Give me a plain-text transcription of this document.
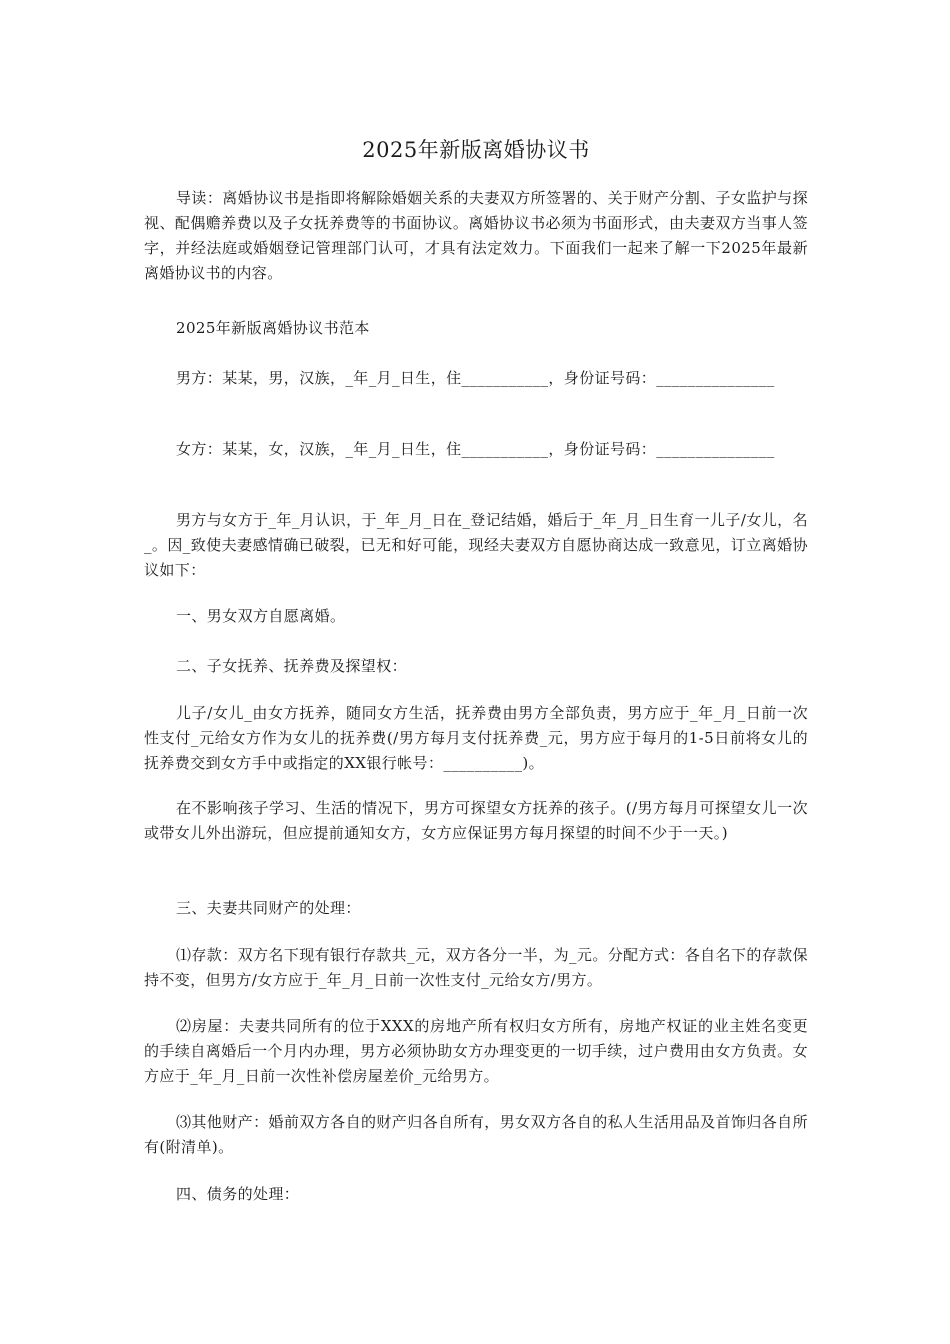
2025年新版离婚协议书

导读：离婚协议书是指即将解除婚姻关系的夫妻双方所签署的、关于财产分割、子女监护与探视、配偶赡养费以及子女抚养费等的书面协议。离婚协议书必须为书面形式，由夫妻双方当事人签字，并经法庭或婚姻登记管理部门认可，才具有法定效力。下面我们一起来了解一下2025年最新离婚协议书的内容。

2025年新版离婚协议书范本

男方：某某，男，汉族，_年_月_日生，住___________，身份证号码：_______________

女方：某某，女，汉族，_年_月_日生，住___________，身份证号码：_______________

男方与女方于_年_月认识，于_年_月_日在_登记结婚，婚后于_年_月_日生育一儿子/女儿，名_。因_致使夫妻感情确已破裂，已无和好可能，现经夫妻双方自愿协商达成一致意见，订立离婚协议如下：

一、男女双方自愿离婚。

二、子女抚养、抚养费及探望权：

儿子/女儿_由女方抚养，随同女方生活，抚养费由男方全部负责，男方应于_年_月_日前一次性支付_元给女方作为女儿的抚养费(/男方每月支付抚养费_元，男方应于每月的1-5日前将女儿的抚养费交到女方手中或指定的XX银行帐号：__________)。

在不影响孩子学习、生活的情况下，男方可探望女方抚养的孩子。(/男方每月可探望女儿一次或带女儿外出游玩，但应提前通知女方，女方应保证男方每月探望的时间不少于一天。)

三、夫妻共同财产的处理：

⑴存款：双方名下现有银行存款共_元，双方各分一半，为_元。分配方式：各自名下的存款保持不变，但男方/女方应于_年_月_日前一次性支付_元给女方/男方。

⑵房屋：夫妻共同所有的位于XXX的房地产所有权归女方所有，房地产权证的业主姓名变更的手续自离婚后一个月内办理，男方必须协助女方办理变更的一切手续，过户费用由女方负责。女方应于_年_月_日前一次性补偿房屋差价_元给男方。

⑶其他财产：婚前双方各自的财产归各自所有，男女双方各自的私人生活用品及首饰归各自所有(附清单)。

四、债务的处理：
